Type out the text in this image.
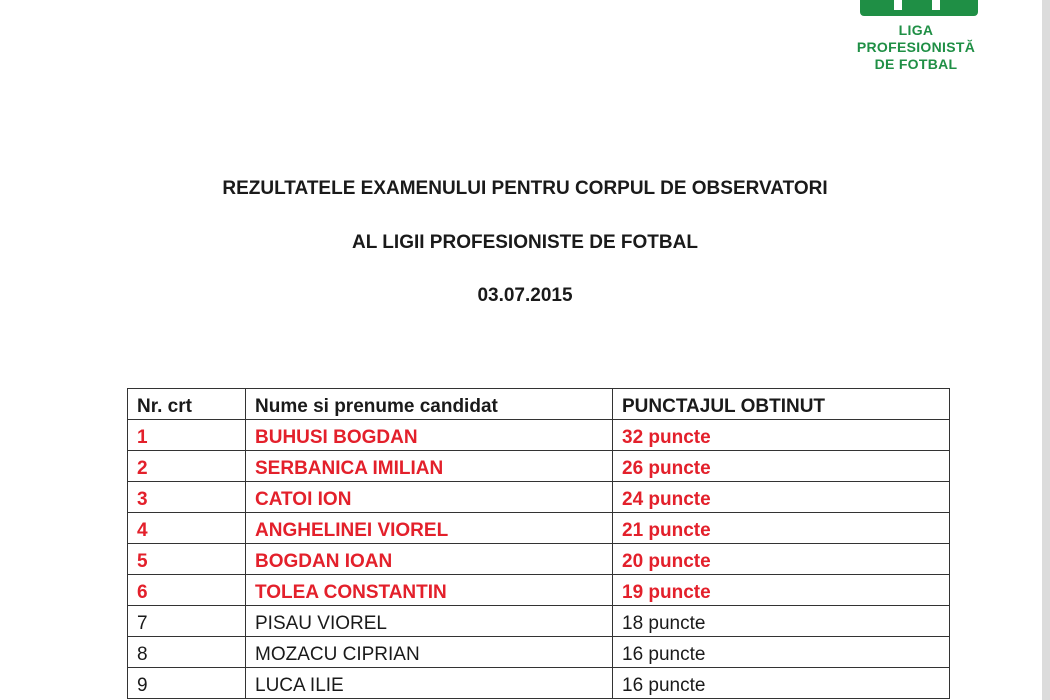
LIGA
PROFESIONISTĂ
DE FOTBAL
REZULTATELE EXAMENULUI PENTRU CORPUL DE OBSERVATORI
AL LIGII PROFESIONISTE DE FOTBAL
03.07.2015
Nr. crt	Nume si prenume candidat	PUNCTAJUL OBTINUT
1	BUHUSI BOGDAN	32 puncte
2	SERBANICA IMILIAN	26 puncte
3	CATOI ION	24 puncte
4	ANGHELINEI VIOREL	21 puncte
5	BOGDAN IOAN	20 puncte
6	TOLEA CONSTANTIN	19 puncte
7	PISAU VIOREL	18 puncte
8	MOZACU CIPRIAN	16 puncte
9	LUCA ILIE	16 puncte
